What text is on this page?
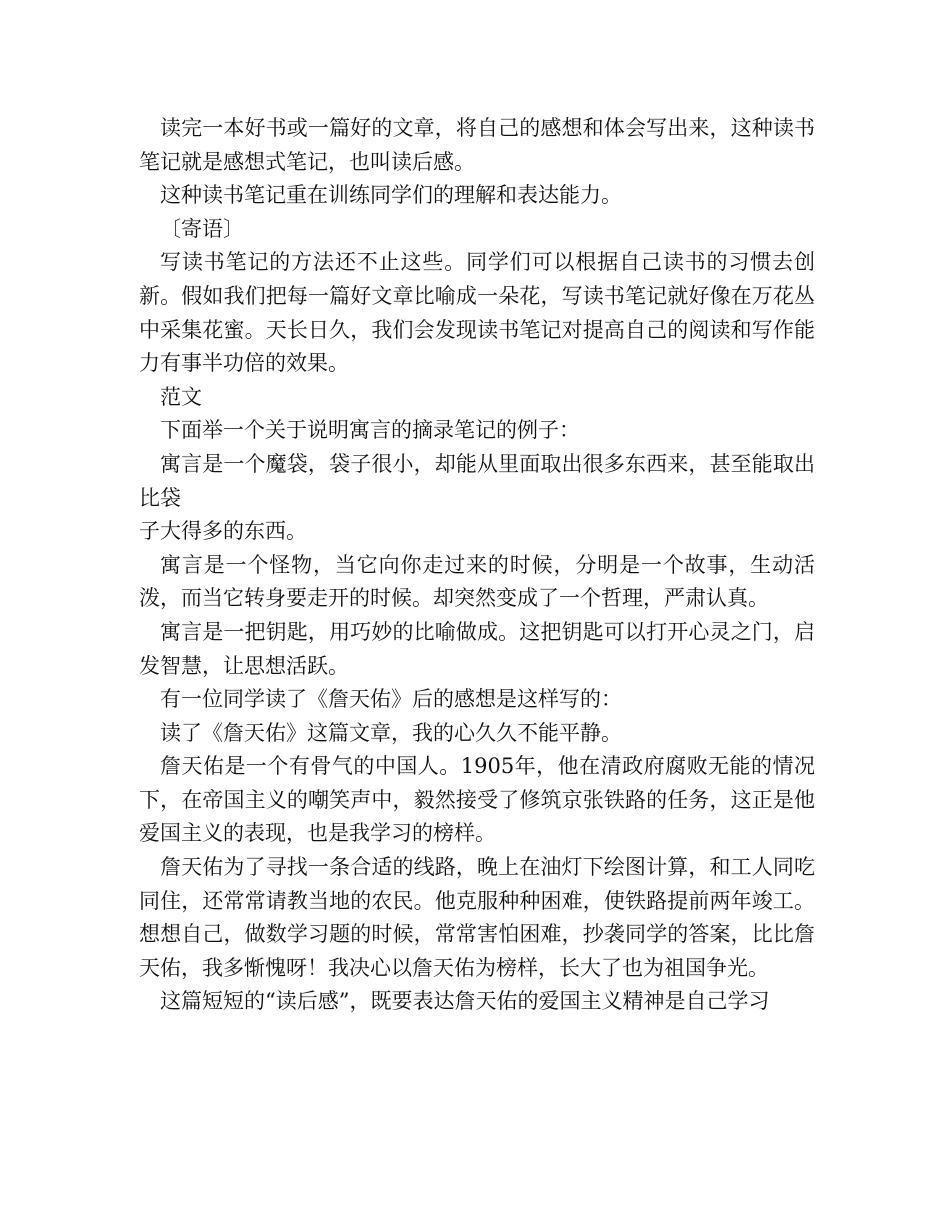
读完一本好书或一篇好的文章，将自己的感想和体会写出来，这种读书笔记就是感想式笔记，也叫读后感。

这种读书笔记重在训练同学们的理解和表达能力。

〔寄语〕

写读书笔记的方法还不止这些。同学们可以根据自己读书的习惯去创新。假如我们把每一篇好文章比喻成一朵花，写读书笔记就好像在万花丛中采集花蜜。天长日久，我们会发现读书笔记对提高自己的阅读和写作能力有事半功倍的效果。

范文

下面举一个关于说明寓言的摘录笔记的例子：

寓言是一个魔袋，袋子很小，却能从里面取出很多东西来，甚至能取出比袋

子大得多的东西。

寓言是一个怪物，当它向你走过来的时候，分明是一个故事，生动活泼，而当它转身要走开的时候。却突然变成了一个哲理，严肃认真。

寓言是一把钥匙，用巧妙的比喻做成。这把钥匙可以打开心灵之门，启发智慧，让思想活跃。

有一位同学读了《詹天佑》后的感想是这样写的：

读了《詹天佑》这篇文章，我的心久久不能平静。

詹天佑是一个有骨气的中国人。1905年，他在清政府腐败无能的情况下，在帝国主义的嘲笑声中，毅然接受了修筑京张铁路的任务，这正是他爱国主义的表现，也是我学习的榜样。

詹天佑为了寻找一条合适的线路，晚上在油灯下绘图计算，和工人同吃同住，还常常请教当地的农民。他克服种种困难，使铁路提前两年竣工。想想自己，做数学习题的时候，常常害怕困难，抄袭同学的答案，比比詹天佑，我多惭愧呀！我决心以詹天佑为榜样，长大了也为祖国争光。

这篇短短的“读后感”，既要表达詹天佑的爱国主义精神是自己学习
